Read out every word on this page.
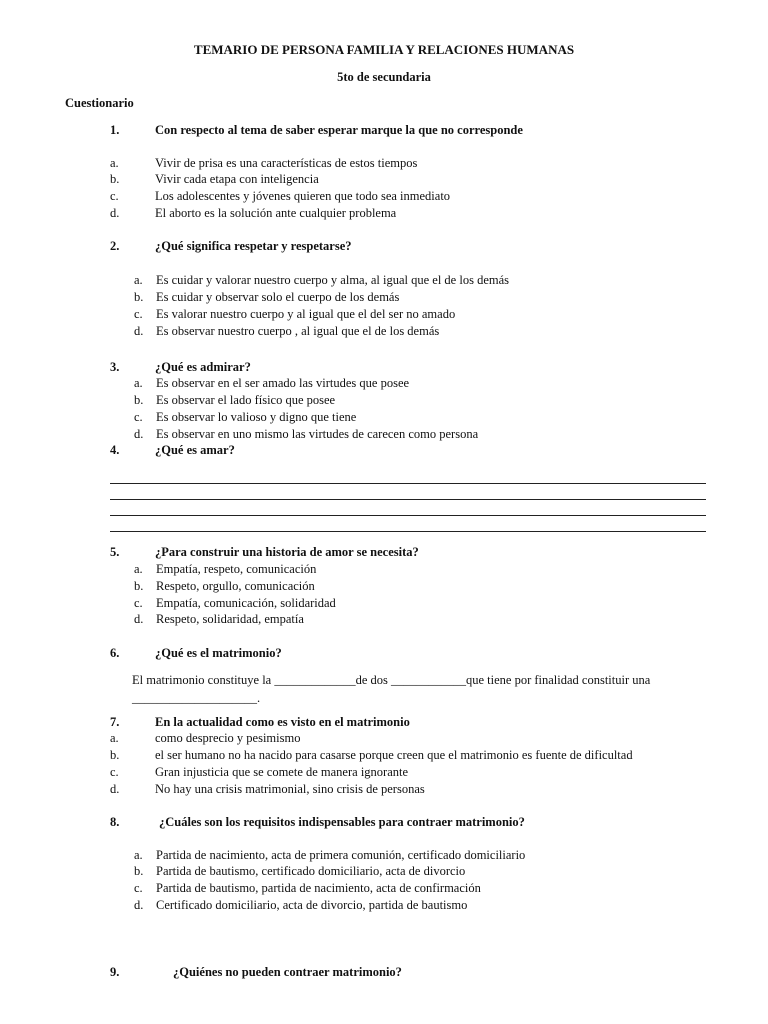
TEMARIO DE PERSONA FAMILIA Y RELACIONES HUMANAS
5to de secundaria
Cuestionario
1.	Con respecto al tema de saber esperar marque la que no corresponde
a.	Vivir de prisa es una características de estos tiempos
b.	Vivir cada etapa con inteligencia
c.	Los adolescentes y jóvenes quieren que todo sea inmediato
d.	El aborto es la solución ante cualquier problema
2.	¿Qué significa respetar y respetarse?
a. Es cuidar y valorar nuestro cuerpo y alma, al igual que el de los demás
b. Es cuidar y observar solo el cuerpo de los demás
c. Es valorar nuestro cuerpo y al igual que el del ser no amado
d. Es observar nuestro cuerpo , al igual que el de los demás
3.	¿Qué es admirar?
a. Es observar en el ser amado las virtudes que posee
b. Es observar el lado físico que posee
c. Es observar lo valioso y digno que tiene
d. Es observar en uno mismo las virtudes de carecen como persona
4.	¿Qué es amar?
5.	¿Para construir una historia de amor se necesita?
a. Empatía, respeto, comunicación
b. Respeto, orgullo, comunicación
c. Empatía, comunicación, solidaridad
d. Respeto, solidaridad, empatía
6.	¿Qué es el matrimonio?
El matrimonio constituye la _____________de dos ____________que tiene por finalidad constituir una
____________________.
7.	En la actualidad como es visto en el matrimonio
a.	como desprecio y pesimismo
b.	el ser humano no ha nacido para casarse porque creen que el matrimonio es fuente de dificultad
c.	Gran injusticia que se comete de manera ignorante
d.	No hay una crisis matrimonial, sino crisis de personas
8.	¿Cuáles son los requisitos indispensables para contraer matrimonio?
a. Partida de nacimiento, acta de primera comunión, certificado domiciliario
b. Partida de bautismo, certificado domiciliario, acta de divorcio
c. Partida de bautismo, partida de nacimiento, acta de confirmación
d. Certificado domiciliario, acta de divorcio, partida de bautismo
9.	¿Quiénes no pueden contraer matrimonio?
